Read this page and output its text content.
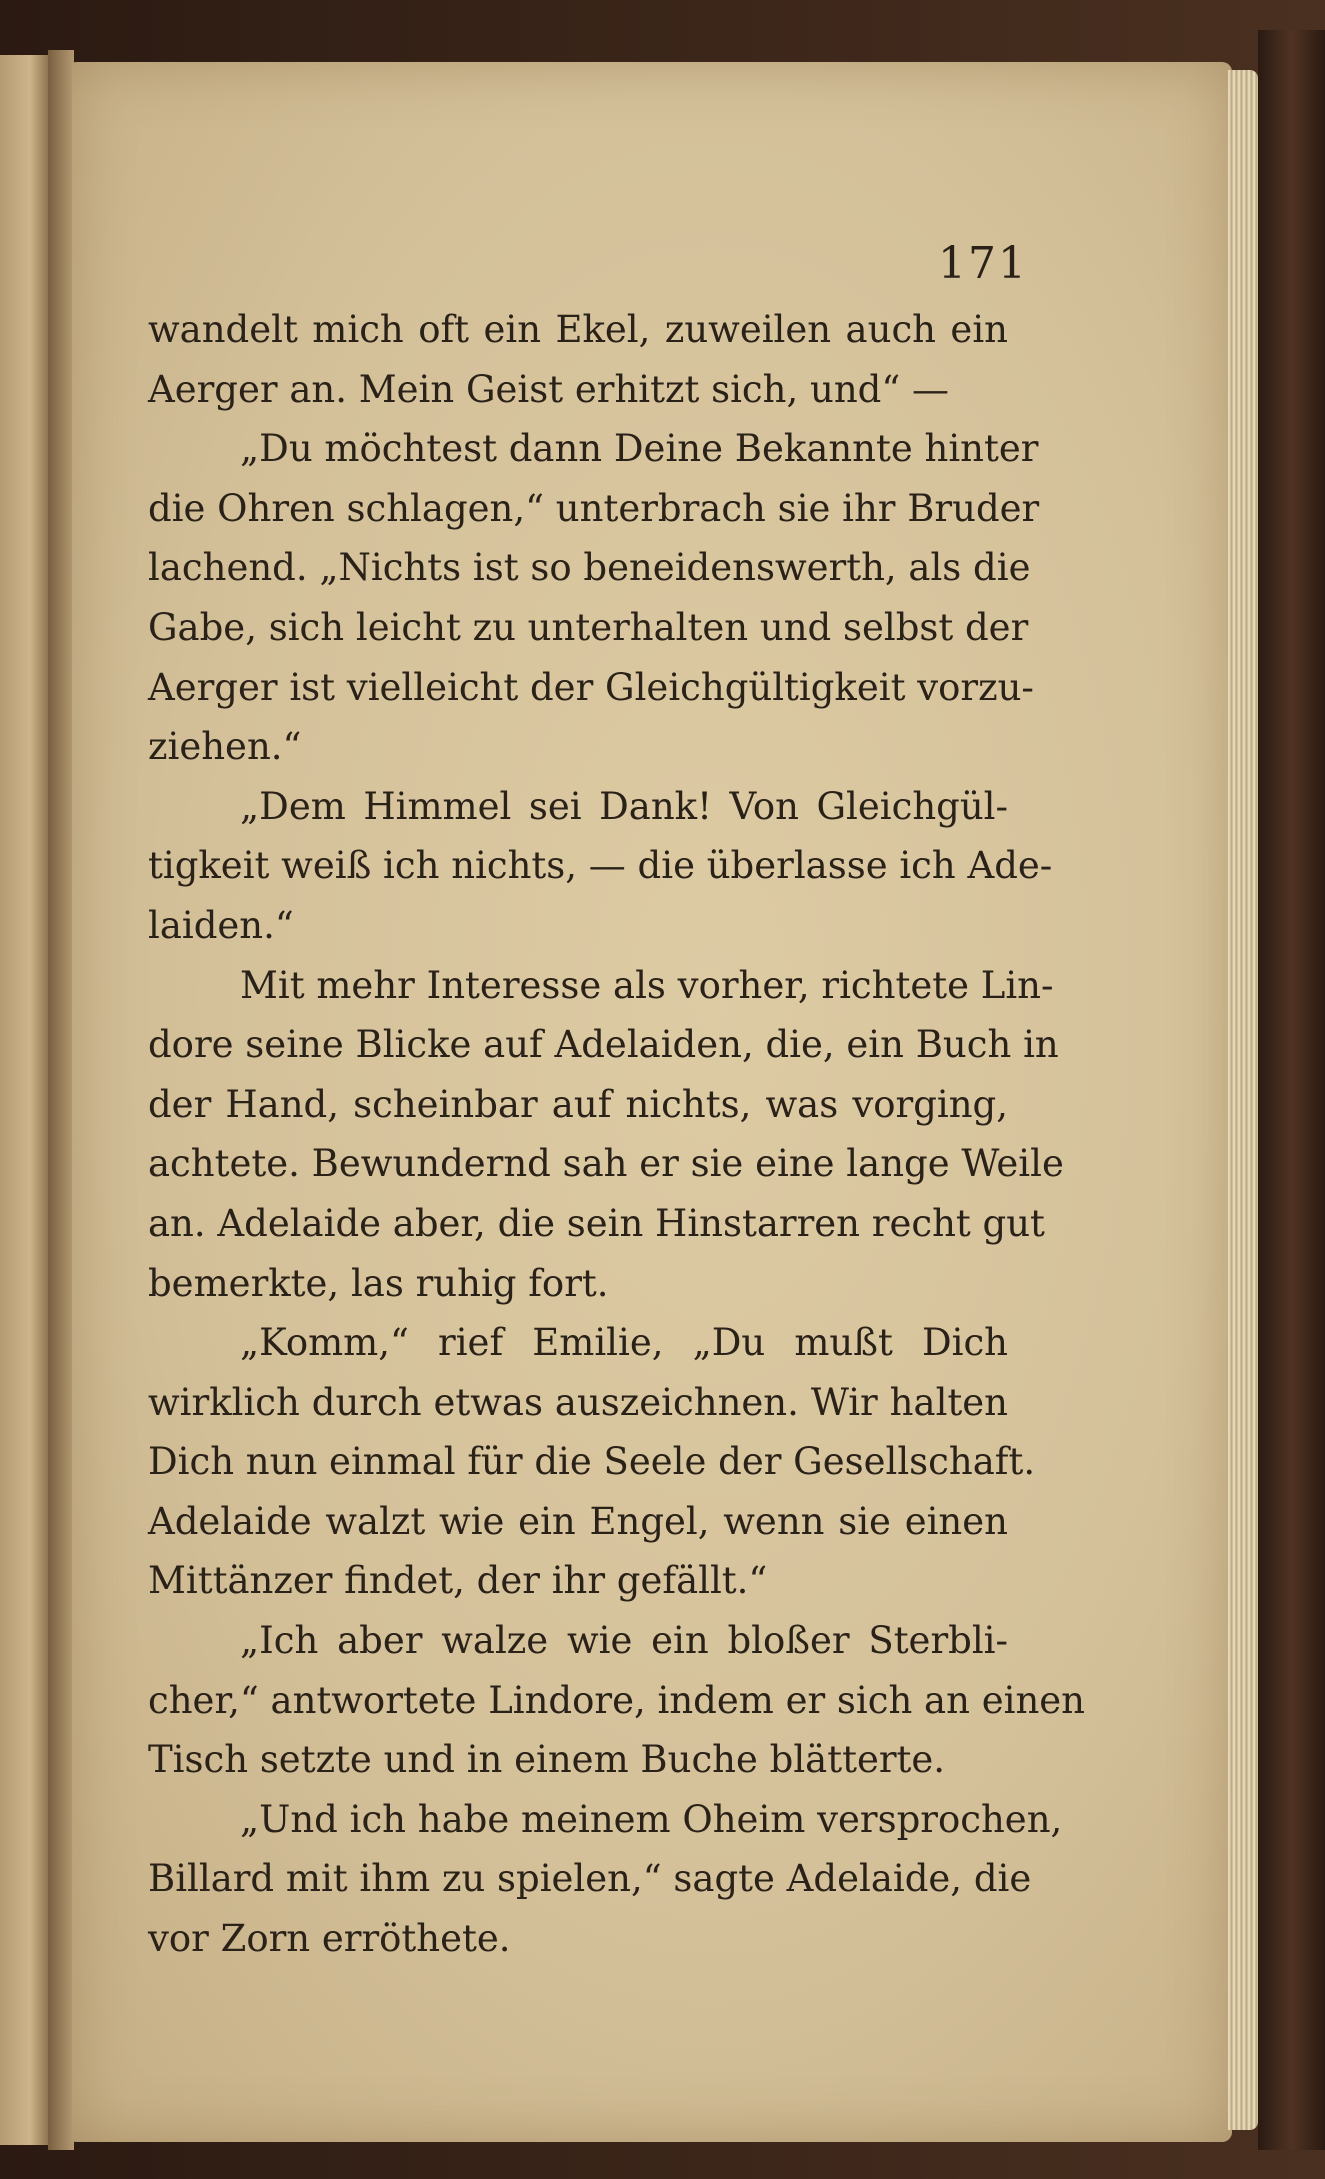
171
wandelt mich oft ein Ekel, zuweilen auch ein
Aerger an. Mein Geist erhitzt sich, und“ —
„Du möchtest dann Deine Bekannte hinter
die Ohren schlagen,“ unterbrach sie ihr Bruder
lachend. „Nichts ist so beneidenswerth, als die
Gabe, sich leicht zu unterhalten und selbst der
Aerger ist vielleicht der Gleichgültigkeit vorzu-
ziehen.“
„Dem Himmel sei Dank! Von Gleichgül-
tigkeit weiß ich nichts, — die überlasse ich Ade-
laiden.“
Mit mehr Interesse als vorher, richtete Lin-
dore seine Blicke auf Adelaiden, die, ein Buch in
der Hand, scheinbar auf nichts, was vorging,
achtete. Bewundernd sah er sie eine lange Weile
an. Adelaide aber, die sein Hinstarren recht gut
bemerkte, las ruhig fort.
„Komm,“ rief Emilie, „Du mußt Dich
wirklich durch etwas auszeichnen. Wir halten
Dich nun einmal für die Seele der Gesellschaft.
Adelaide walzt wie ein Engel, wenn sie einen
Mittänzer findet, der ihr gefällt.“
„Ich aber walze wie ein bloßer Sterbli-
cher,“ antwortete Lindore, indem er sich an einen
Tisch setzte und in einem Buche blätterte.
„Und ich habe meinem Oheim versprochen,
Billard mit ihm zu spielen,“ sagte Adelaide, die
vor Zorn erröthete.
